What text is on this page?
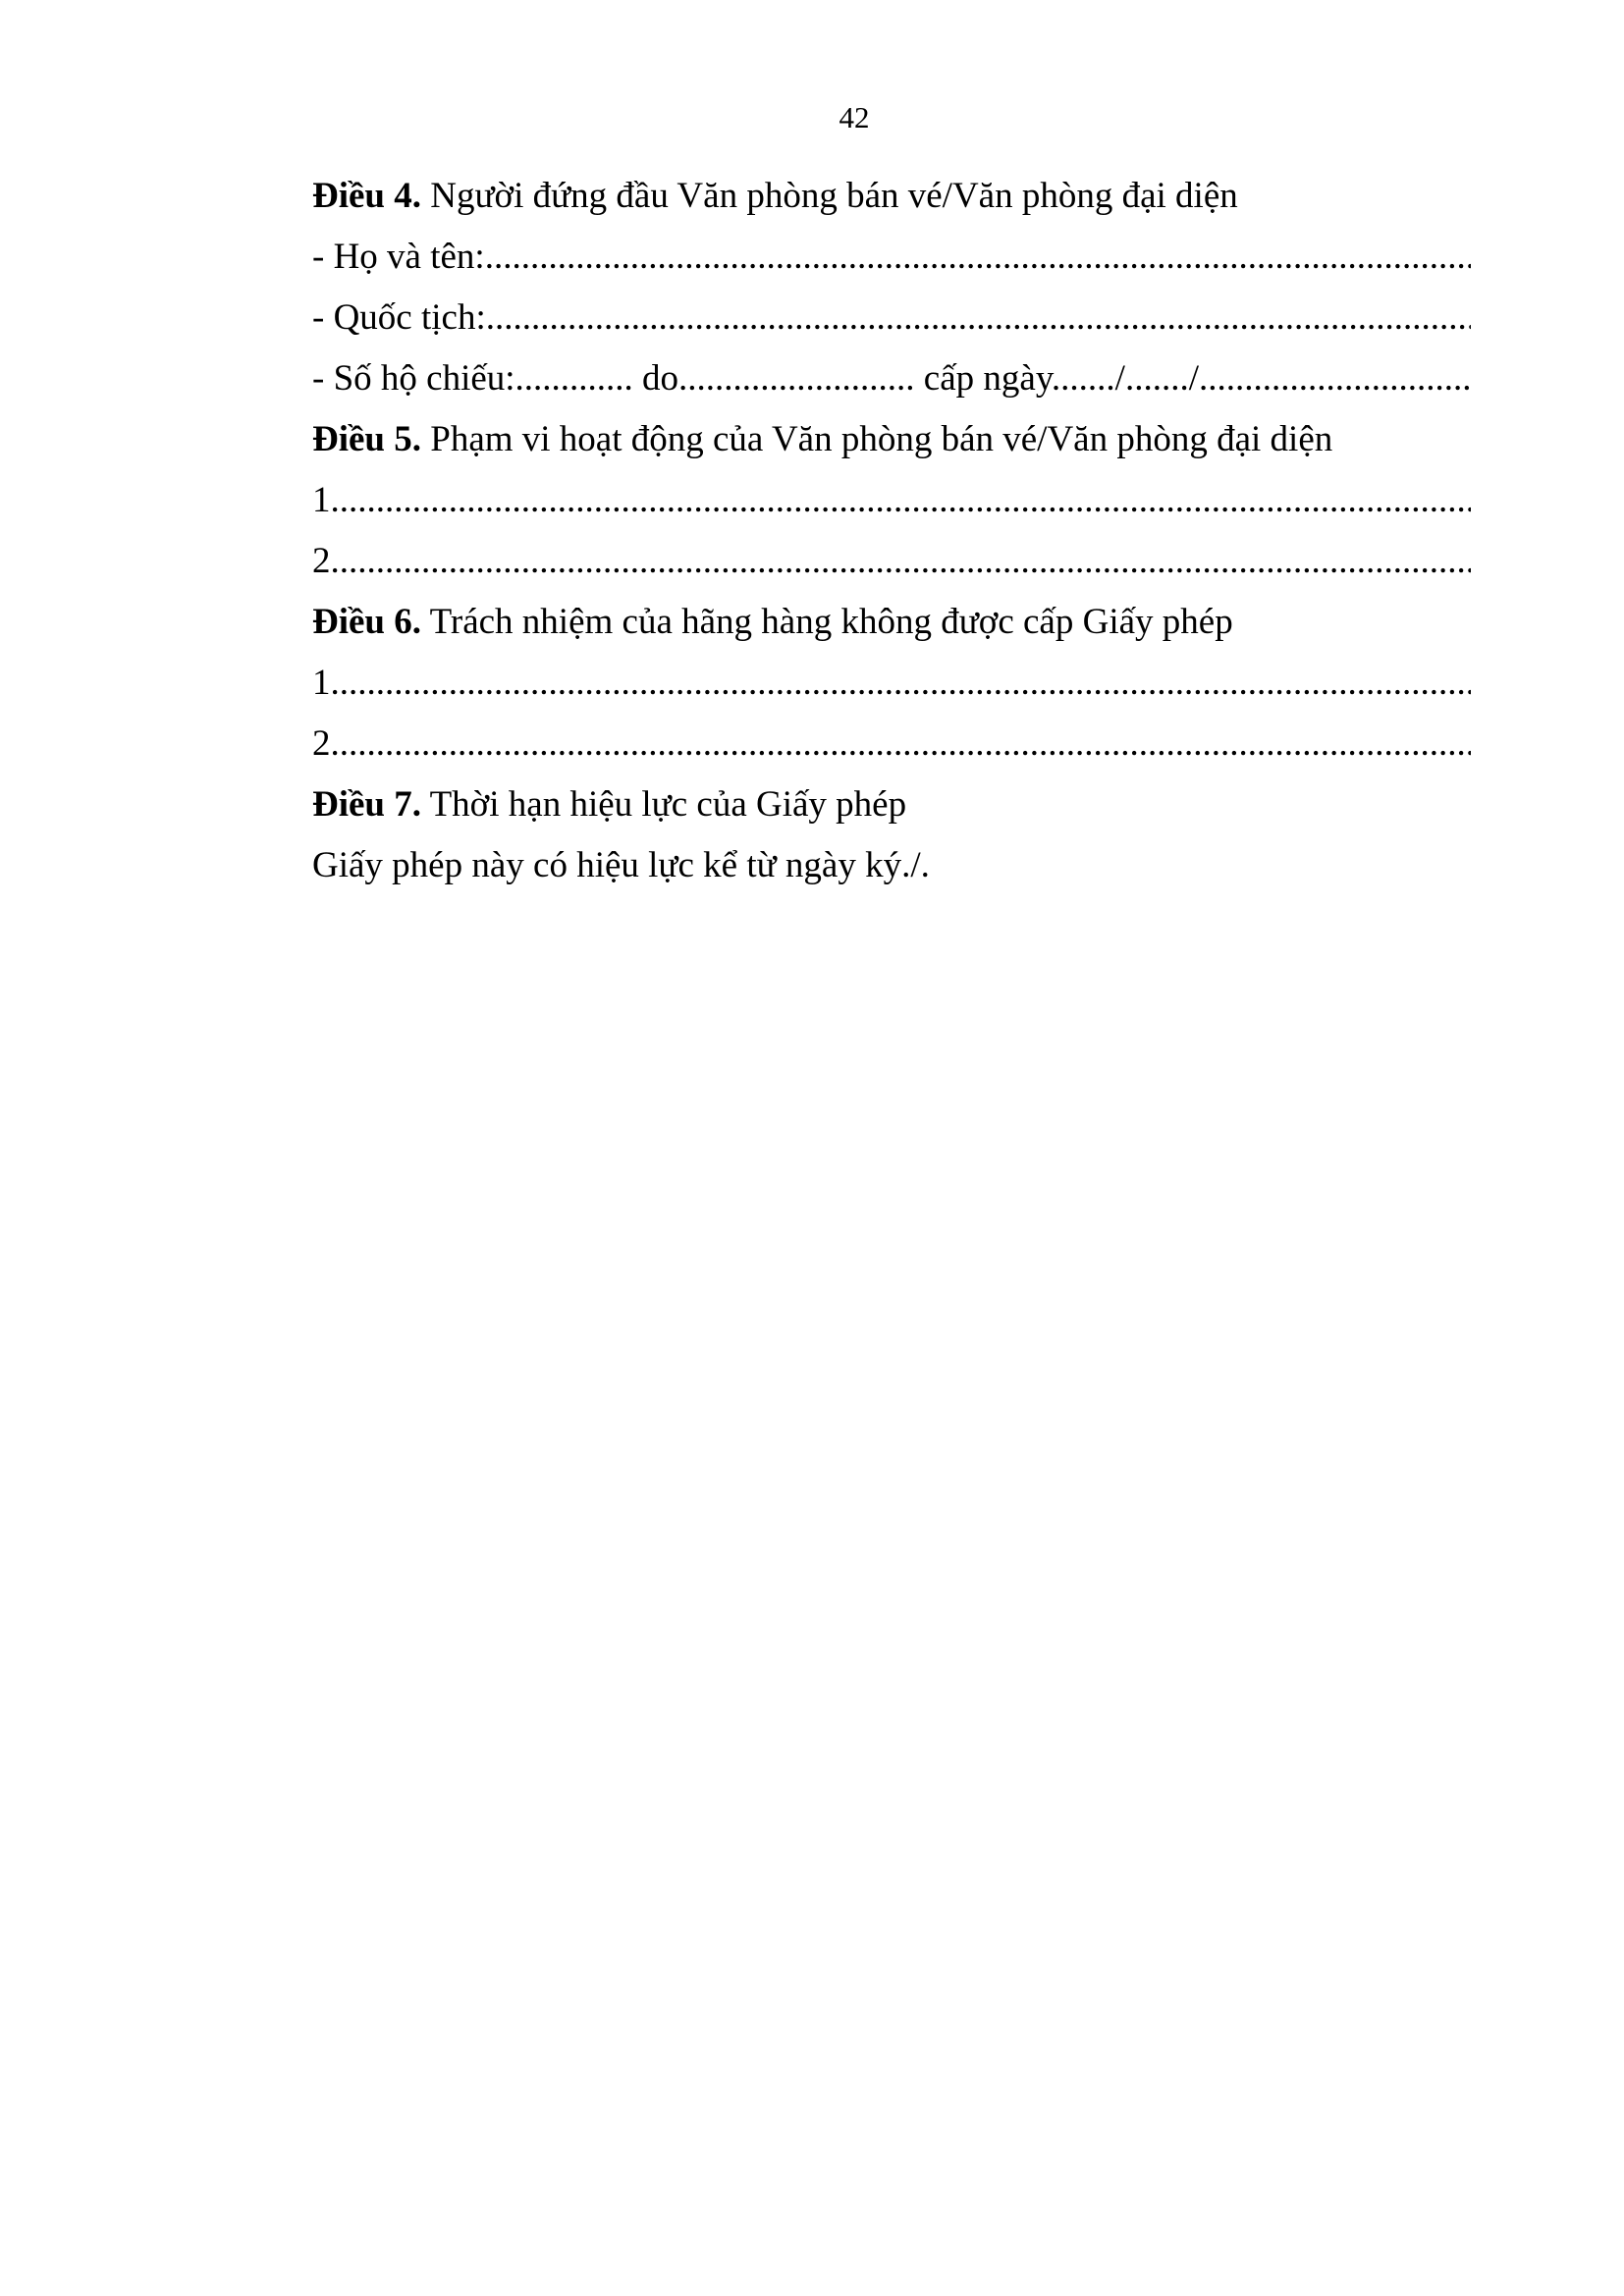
42
Điều 4. Người đứng đầu Văn phòng bán vé/Văn phòng đại diện
- Họ và tên:
.....
- Quốc tịch:
.....
- Số hộ chiếu:............. do.......................... cấp ngày......./......./
.....
Điều 5. Phạm vi hoạt động của Văn phòng bán vé/Văn phòng đại diện
1
.....
2
.....
Điều 6. Trách nhiệm của hãng hàng không được cấp Giấy phép
1
.....
2
.....
Điều 7. Thời hạn hiệu lực của Giấy phép
Giấy phép này có hiệu lực kể từ ngày ký./.
